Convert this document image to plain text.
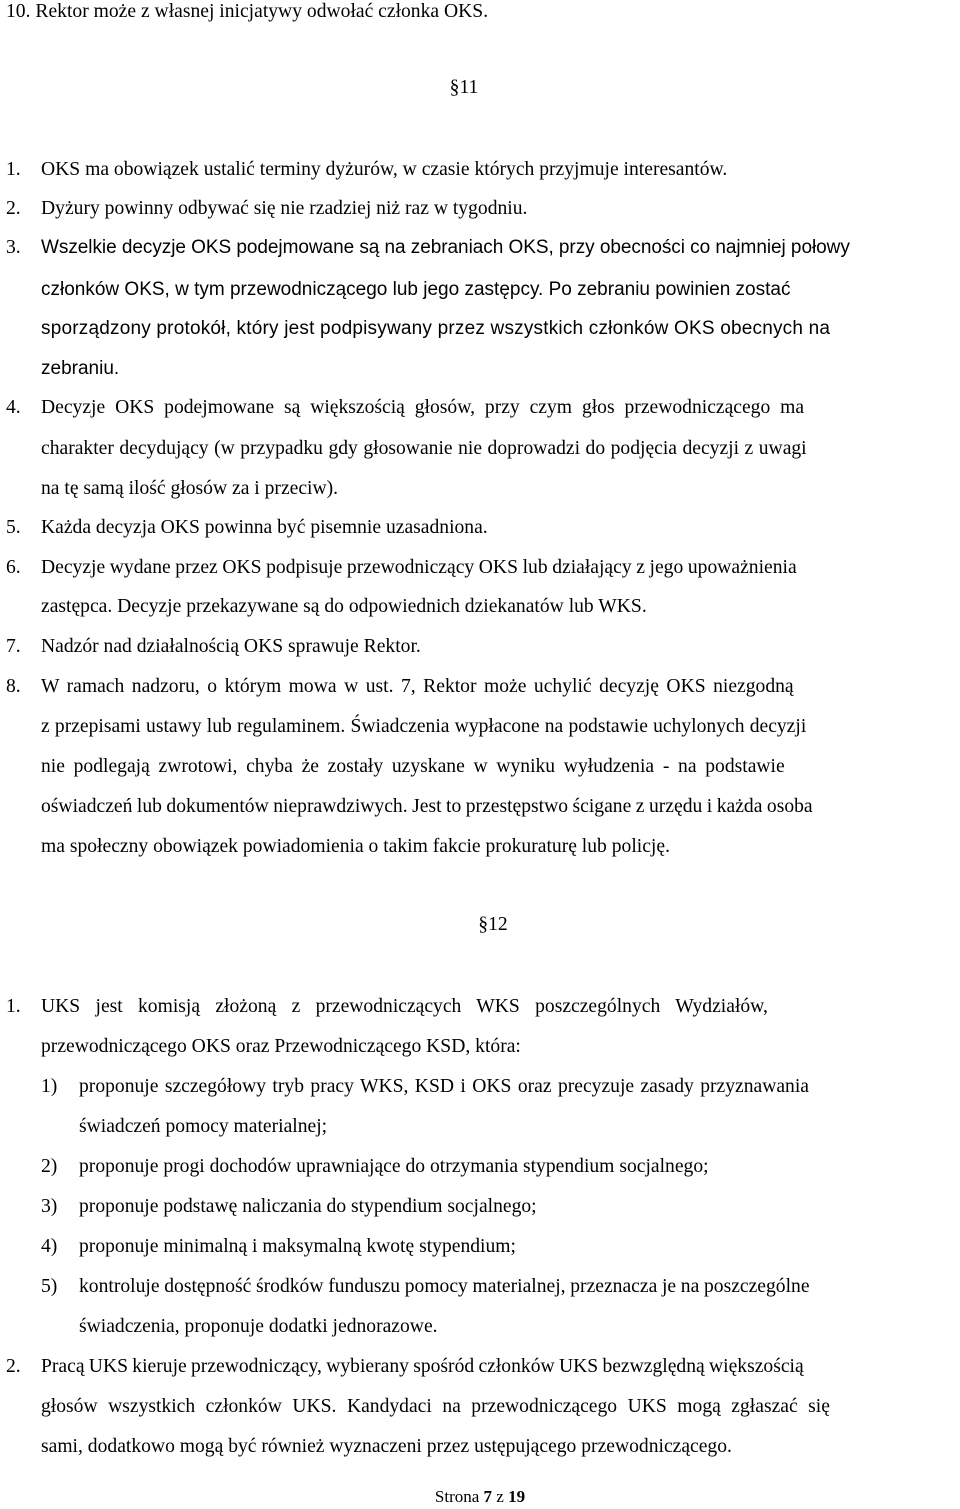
10. Rektor może z własnej inicjatywy odwołać członka OKS.
§11
1. OKS ma obowiązek ustalić terminy dyżurów, w czasie których przyjmuje interesantów.
2. Dyżury powinny odbywać się nie rzadziej niż raz w tygodniu.
3. Wszelkie decyzje OKS podejmowane są na zebraniach OKS, przy obecności co najmniej połowy
członków OKS, w tym przewodniczącego lub jego zastępcy. Po zebraniu powinien zostać
sporządzony protokół, który jest podpisywany przez wszystkich członków OKS obecnych na
zebraniu.
4. Decyzje OKS podejmowane są większością głosów, przy czym głos przewodniczącego ma
charakter decydujący (w przypadku gdy głosowanie nie doprowadzi do podjęcia decyzji z uwagi
na tę samą ilość głosów za i przeciw).
5. Każda decyzja OKS powinna być pisemnie uzasadniona.
6. Decyzje wydane przez OKS podpisuje przewodniczący OKS lub działający z jego upoważnienia
zastępca. Decyzje przekazywane są do odpowiednich dziekanatów lub WKS.
7. Nadzór nad działalnością OKS sprawuje Rektor.
8. W ramach nadzoru, o którym mowa w ust. 7, Rektor może uchylić decyzję OKS niezgodną
z przepisami ustawy lub regulaminem. Świadczenia wypłacone na podstawie uchylonych decyzji
nie podlegają zwrotowi, chyba że zostały uzyskane w wyniku wyłudzenia - na podstawie
oświadczeń lub dokumentów nieprawdziwych. Jest to przestępstwo ścigane z urzędu i każda osoba
ma społeczny obowiązek powiadomienia o takim fakcie prokuraturę lub policję.
§12
1. UKS jest komisją złożoną z przewodniczących WKS poszczególnych Wydziałów,
przewodniczącego OKS oraz Przewodniczącego KSD, która:
1) proponuje szczegółowy tryb pracy WKS, KSD i OKS oraz precyzuje zasady przyznawania
świadczeń pomocy materialnej;
2) proponuje progi dochodów uprawniające do otrzymania stypendium socjalnego;
3) proponuje podstawę naliczania do stypendium socjalnego;
4) proponuje minimalną i maksymalną kwotę stypendium;
5) kontroluje dostępność środków funduszu pomocy materialnej, przeznacza je na poszczególne
świadczenia, proponuje dodatki jednorazowe.
2. Pracą UKS kieruje przewodniczący, wybierany spośród członków UKS bezwzględną większością
głosów wszystkich członków UKS. Kandydaci na przewodniczącego UKS mogą zgłaszać się
sami, dodatkowo mogą być również wyznaczeni przez ustępującego przewodniczącego.
Strona 7 z 19
